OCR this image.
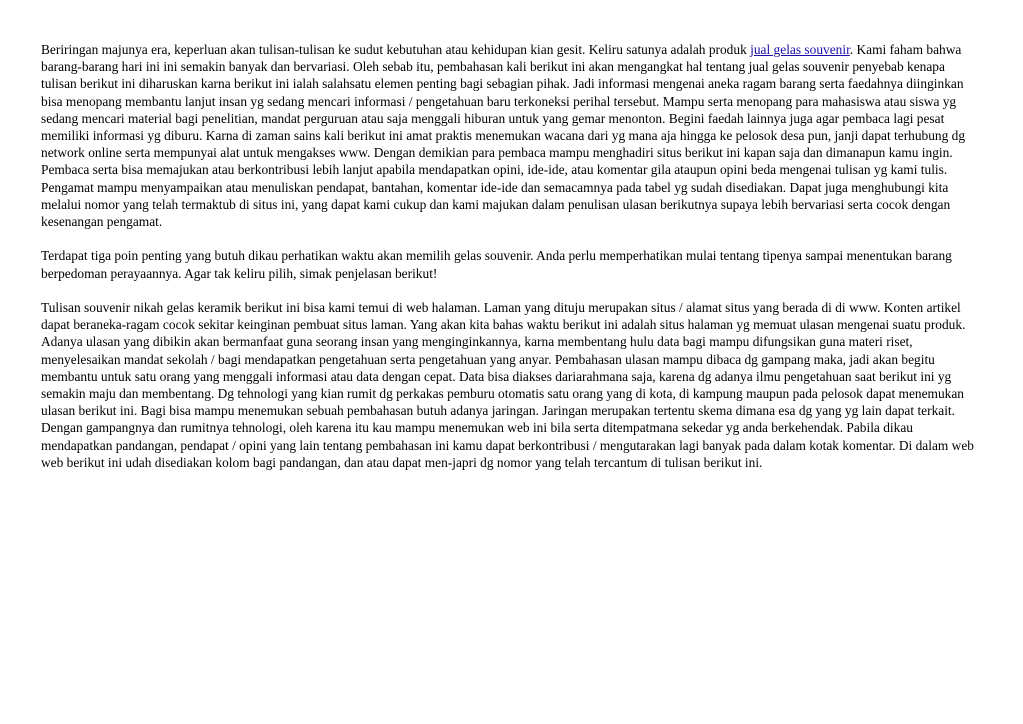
Beriringan majunya era, keperluan akan tulisan-tulisan ke sudut kebutuhan atau kehidupan kian gesit. Keliru satunya adalah produk jual gelas souvenir. Kami faham bahwa barang-barang hari ini ini semakin banyak dan bervariasi. Oleh sebab itu, pembahasan kali berikut ini akan mengangkat hal tentang jual gelas souvenir penyebab kenapa tulisan berikut ini diharuskan karna berikut ini ialah salahsatu elemen penting bagi sebagian pihak. Jadi informasi mengenai aneka ragam barang serta faedahnya diinginkan bisa menopang membantu lanjut insan yg sedang mencari informasi / pengetahuan baru terkoneksi perihal tersebut. Mampu serta menopang para mahasiswa atau siswa yg sedang mencari material bagi penelitian, mandat perguruan atau saja menggali hiburan untuk yang gemar menonton. Begini faedah lainnya juga agar pembaca lagi pesat memiliki informasi yg diburu. Karna di zaman sains kali berikut ini amat praktis menemukan wacana dari yg mana aja hingga ke pelosok desa pun, janji dapat terhubung dg network online serta mempunyai alat untuk mengakses www. Dengan demikian para pembaca mampu menghadiri situs berikut ini kapan saja dan dimanapun kamu ingin. Pembaca serta bisa memajukan atau berkontribusi lebih lanjut apabila mendapatkan opini, ide-ide, atau komentar gila ataupun opini beda mengenai tulisan yg kami tulis. Pengamat mampu menyampaikan atau menuliskan pendapat, bantahan, komentar ide-ide dan semacamnya pada tabel yg sudah disediakan. Dapat juga menghubungi kita melalui nomor yang telah termaktub di situs ini, yang dapat kami cukup dan kami majukan dalam penulisan ulasan berikutnya supaya lebih bervariasi serta cocok dengan kesenangan pengamat.

Terdapat tiga poin penting yang butuh dikau perhatikan waktu akan memilih gelas souvenir. Anda perlu memperhatikan mulai tentang tipenya sampai menentukan barang berpedoman perayaannya. Agar tak keliru pilih, simak penjelasan berikut!

Tulisan souvenir nikah gelas keramik berikut ini bisa kami temui di web halaman. Laman yang dituju merupakan situs / alamat situs yang berada di di www. Konten artikel dapat beraneka-ragam cocok sekitar keinginan pembuat situs laman. Yang akan kita bahas waktu berikut ini adalah situs halaman yg memuat ulasan mengenai suatu produk. Adanya ulasan yang dibikin akan bermanfaat guna seorang insan yang menginginkannya, karna membentang hulu data bagi mampu difungsikan guna materi riset, menyelesaikan mandat sekolah / bagi mendapatkan pengetahuan serta pengetahuan yang anyar. Pembahasan ulasan mampu dibaca dg gampang maka, jadi akan begitu membantu untuk satu orang yang menggali informasi atau data dengan cepat. Data bisa diakses dariarahmana saja, karena dg adanya ilmu pengetahuan saat berikut ini yg semakin maju dan membentang. Dg tehnologi yang kian rumit dg perkakas pemburu otomatis satu orang yang di kota, di kampung maupun pada pelosok dapat menemukan ulasan berikut ini. Bagi bisa mampu menemukan sebuah pembahasan butuh adanya jaringan. Jaringan merupakan tertentu skema dimana esa dg yang yg lain dapat terkait. Dengan gampangnya dan rumitnya tehnologi, oleh karena itu kau mampu menemukan web ini bila serta ditempatmana sekedar yg anda berkehendak. Pabila dikau mendapatkan pandangan, pendapat / opini yang lain tentang pembahasan ini kamu dapat berkontribusi / mengutarakan lagi banyak pada dalam kotak komentar. Di dalam web web berikut ini udah disediakan kolom bagi pandangan, dan atau dapat men-japri dg nomor yang telah tercantum di tulisan berikut ini.
